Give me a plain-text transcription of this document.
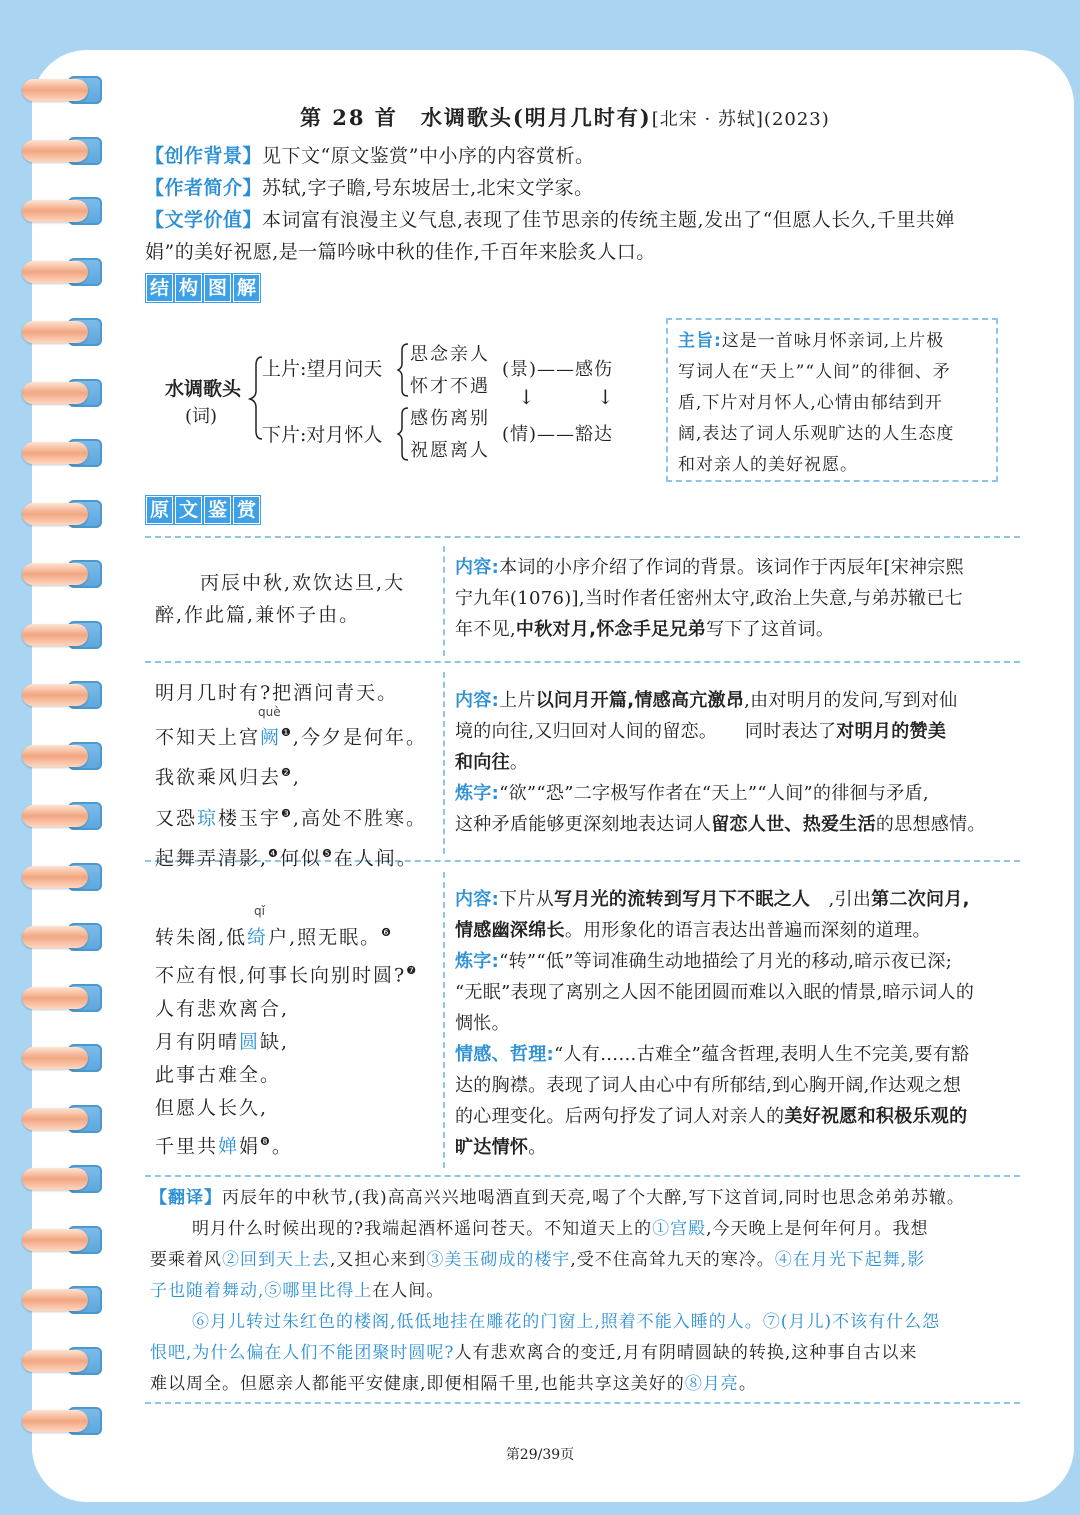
第 28 首　水调歌头(明月几时有)[北宋 · 苏轼](2023)
【创作背景】见下文“原文鉴赏”中小序的内容赏析。
【作者简介】苏轼,字子瞻,号东坡居士,北宋文学家。
【文学价值】本词富有浪漫主义气息,表现了佳节思亲的传统主题,发出了“但愿人长久,千里共婵
娟”的美好祝愿,是一篇吟咏中秋的佳作,千百年来脍炙人口。
结 构 图 解
水调歌头
(词)
上片:望月问天
下片:对月怀人
思念亲人
怀才不遇
感伤离别
祝愿离人
(景)——感伤
(情)——豁达
↓	↓
主旨:这是一首咏月怀亲词,上片极
写词人在“天上”“人间”的徘徊、矛
盾,下片对月怀人,心情由郁结到开
阔,表达了词人乐观旷达的人生态度
和对亲人的美好祝愿。
原 文 鉴 赏
丙辰中秋,欢饮达旦,大
醉,作此篇,兼怀子由。
内容:本词的小序介绍了作词的背景。该词作于丙辰年[宋神宗熙
宁九年(1076)],当时作者任密州太守,政治上失意,与弟苏辙已七
年不见,中秋对月,怀念手足兄弟写下了这首词。
明月几时有?把酒问青天。
不知天上宫阙$^❶$,今夕是何年。
我欲乘风归去$^❷$,
又恐琼楼玉宇$^❸$,高处不胜寒。
起舞弄清影,$^❹$何似$^❺$在人间。
què
内容:上片以问月开篇,情感高亢激昂,由对明月的发问,写到对仙
境的向往,又归回对人间的留恋。　　 同时表达了对明月的赞美
和向往。
炼字:“欲”“恐”二字极写作者在“天上”“人间”的徘徊与矛盾,
这种矛盾能够更深刻地表达词人留恋人世、热爱生活的思想感情。
qǐ
转朱阁,低绮户,照无眠。$^❻$
不应有恨,何事长向别时圆?$^❼$
人有悲欢离合,
月有阴晴圆缺,
此事古难全。
但愿人长久,
千里共婵娟$^❽$。
内容:下片从写月光的流转到写月下不眠之人　 ,引出第二次问月,
情感幽深绵长。用形象化的语言表达出普遍而深刻的道理。
炼字:“转”“低”等词准确生动地描绘了月光的移动,暗示夜已深;
“无眠”表现了离别之人因不能团圆而难以入眠的情景,暗示词人的
惆怅。
情感、哲理:“人有……古难全”蕴含哲理,表明人生不完美,要有豁
达的胸襟。表现了词人由心中有所郁结,到心胸开阔,作达观之想
的心理变化。后两句抒发了词人对亲人的美好祝愿和积极乐观的
旷达情怀。
【翻译】丙辰年的中秋节,(我)高高兴兴地喝酒直到天亮,喝了个大醉,写下这首词,同时也思念弟弟苏辙。
明月什么时候出现的?我端起酒杯遥问苍天。不知道天上的①宫殿,今天晚上是何年何月。我想
要乘着风②回到天上去,又担心来到③美玉砌成的楼宇,受不住高耸九天的寒冷。④在月光下起舞,影
子也随着舞动,⑤哪里比得上在人间。
⑥月儿转过朱红色的楼阁,低低地挂在雕花的门窗上,照着不能入睡的人。⑦(月儿)不该有什么怨
恨吧,为什么偏在人们不能团聚时圆呢?人有悲欢离合的变迁,月有阴晴圆缺的转换,这种事自古以来
难以周全。但愿亲人都能平安健康,即便相隔千里,也能共享这美好的⑧月亮。
第29/39页
